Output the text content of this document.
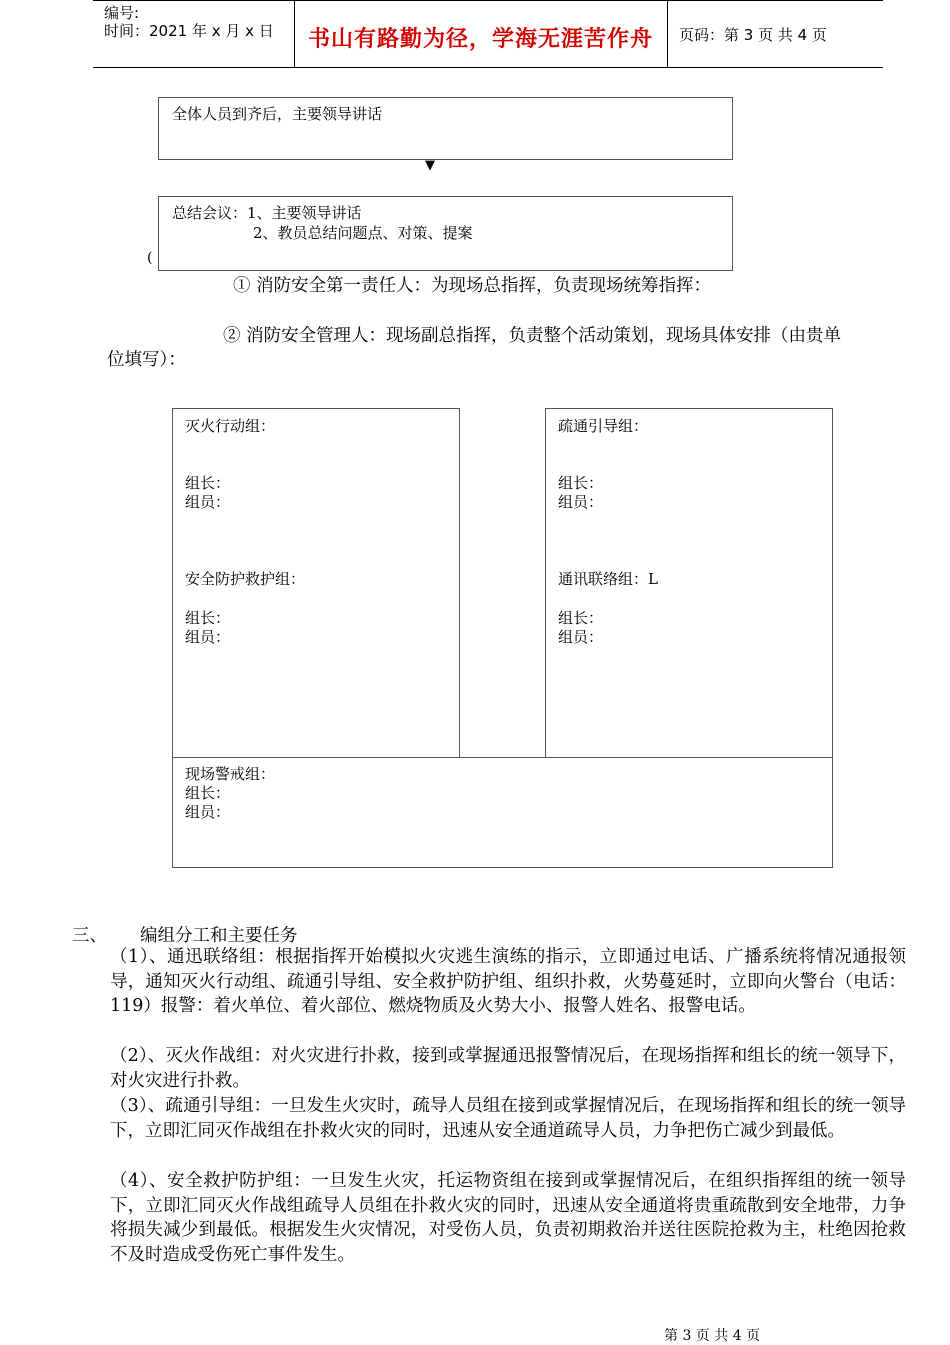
编号:
时间：2021 年 x 月 x 日	书山有路勤为径，学海无涯苦作舟	页码：第 3 页 共 4 页
全体人员到齐后，主要领导讲话
▼
总结会议：1、主要领导讲话
2、教员总结问题点、对策、提案
(
① 消防安全第一责任人：为现场总指挥，负责现场统筹指挥：
② 消防安全管理人：现场副总指挥，负责整个活动策划，现场具体安排（由贵单
位填写）：
灭火行动组：
组长：
组员：
疏通引导组：
组长：
组员：
安全防护救护组：
组长：
组员：
通讯联络组：L
组长：
组员：
现场警戒组：
组长：
组员：
三、 编组分工和主要任务
（1）、通迅联络组：根据指挥开始模拟火灾逃生演练的指示，立即通过电话、广播系统将情况通报领导，通知灭火行动组、疏通引导组、安全救护防护组、组织扑救，火势蔓延时，立即向火警台（电话：119）报警：着火单位、着火部位、燃烧物质及火势大小、报警人姓名、报警电话。
（2）、灭火作战组：对火灾进行扑救，接到或掌握通迅报警情况后，在现场指挥和组长的统一领导下，对火灾进行扑救。
（3）、疏通引导组：一旦发生火灾时，疏导人员组在接到或掌握情况后，在现场指挥和组长的统一领导下，立即汇同灭作战组在扑救火灾的同时，迅速从安全通道疏导人员，力争把伤亡减少到最低。
（4）、安全救护防护组：一旦发生火灾，托运物资组在接到或掌握情况后，在组织指挥组的统一领导下，立即汇同灭火作战组疏导人员组在扑救火灾的同时，迅速从安全通道将贵重疏散到安全地带，力争将损失减少到最低。根据发生火灾情况，对受伤人员，负责初期救治并送往医院抢救为主，杜绝因抢救不及时造成受伤死亡事件发生。
第 3 页 共 4 页
